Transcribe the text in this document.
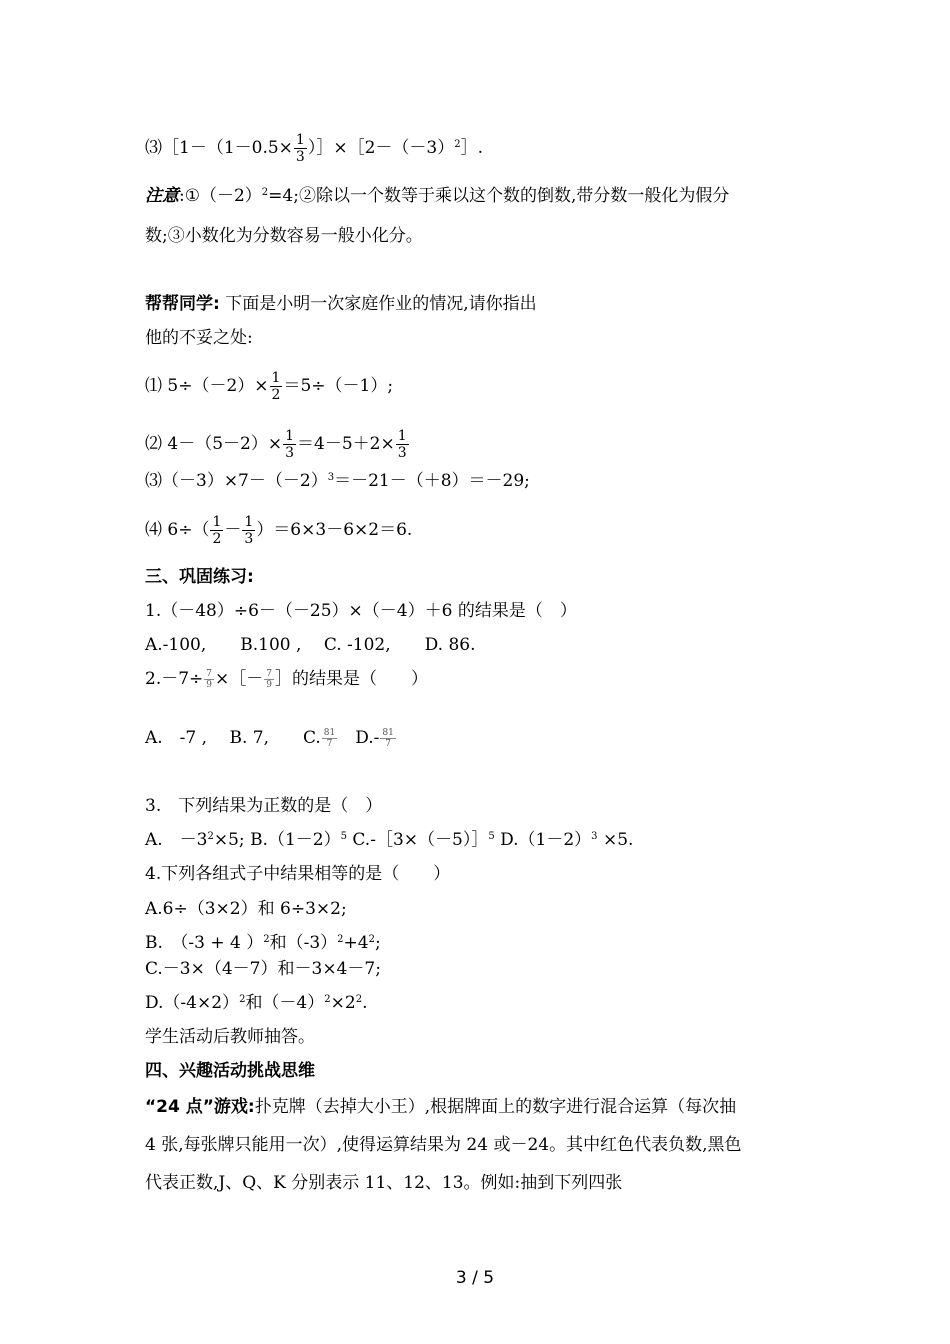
⑶［1－（1－0.5× $\frac{1}{3}$ ）$]\times[2-(-3)^2]$.
注意$:①(-2)^2=4;②$除以一个数等于乘以这个数的倒数,带分数一般化为假分
数;③小数化为分数容易一般小化分。
帮帮同学: 下面是小明一次家庭作业的情况,请你指出
他的不妥之处:
⑴ $5\div(-2)\times \frac{1}{2} =5\div(-1)$;
⑵ $4-(5-2)\times \frac{1}{3} =4-5+2\times \frac{1}{3}$
$⑶(-3)\times 7-(-2)^3=-21-(+8)=-29$;
⑷ $6\div( \frac{1}{2} - \frac{1}{3} )=6\times 3-6\times 2=6$.
三、巩固练习:
1.（－48）÷6－（－25）×（－4）＋6 的结果是（　）
A.-100,　　B.100 ,　 C. -102,　　D. 86.
$2.-7\div \frac{7}{9}$ ×［－ $\frac{7}{9}$ ］的结果是（　　）
A.　-7 ,　 B. 7,　　C. $\frac{81}{7}$ 　$D.- \frac{81}{7}$
3.　下列结果为正数的是（　）
A.　$-3^2\times 5$; $B.(1-2)^5$ C.-［3×（－5）］$^5$ $D.(1-2)^3 \times 5$.
4.下列各组式子中结果相等的是（　　）
A.6÷（3×2）和 6÷3×2;
B.　（-3 + 4 ）$^2$和$(-3)^2+4^2$;
C.－3×（4－7）和－3×4－7;
$D.(-4\times 2)^2$和$(-4)^2\times 2^2$.
学生活动后教师抽答。
四、兴趣活动挑战思维
“24 点”游戏:扑克牌（去掉大小王）,根据牌面上的数字进行混合运算（每次抽
4 张,每张牌只能用一次）,使得运算结果为 24 或－24。其中红色代表负数,黑色
代表正数,J、Q、K 分别表示 11、12、13。例如:抽到下列四张
3 / 5
